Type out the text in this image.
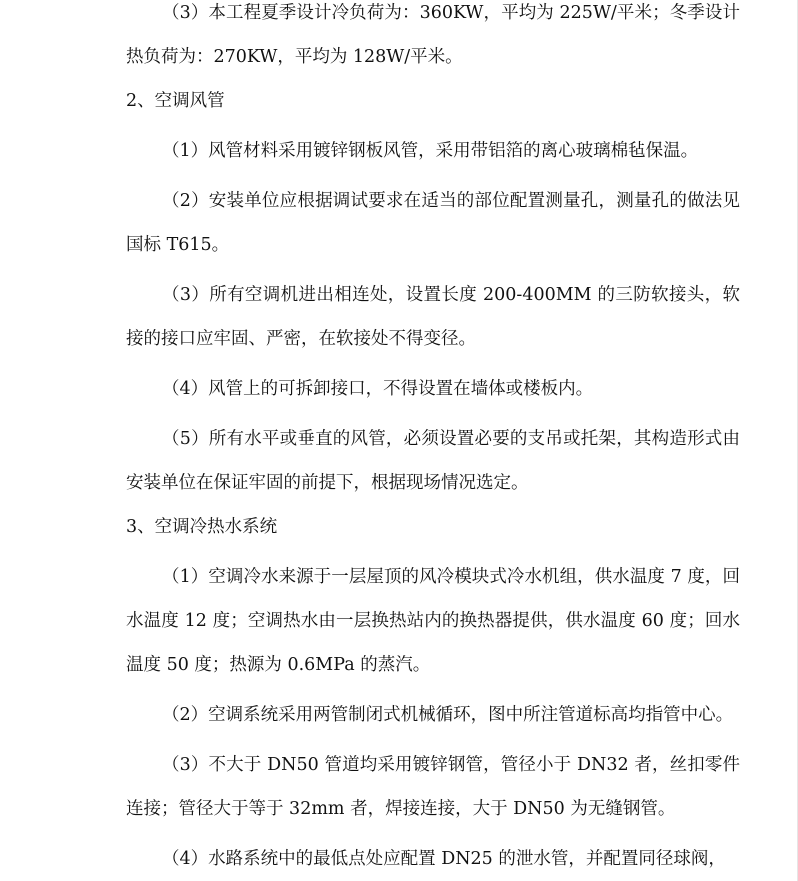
（3）本工程夏季设计冷负荷为：360KW，平均为 225W/平米；冬季设计热负荷为：270KW，平均为 128W/平米。

2、空调风管

（1）风管材料采用镀锌钢板风管，采用带铝箔的离心玻璃棉毡保温。

（2）安装单位应根据调试要求在适当的部位配置测量孔，测量孔的做法见国标 T615。

（3）所有空调机进出相连处，设置长度 200-400MM 的三防软接头，软接的接口应牢固、严密，在软接处不得变径。

（4）风管上的可拆卸接口，不得设置在墙体或楼板内。

（5）所有水平或垂直的风管，必须设置必要的支吊或托架，其构造形式由安装单位在保证牢固的前提下，根据现场情况选定。

3、空调冷热水系统

（1）空调冷水来源于一层屋顶的风冷模块式冷水机组，供水温度 7 度，回水温度 12 度；空调热水由一层换热站内的换热器提供，供水温度 60 度；回水温度 50 度；热源为 0.6MPa 的蒸汽。

（2）空调系统采用两管制闭式机械循环，图中所注管道标高均指管中心。

（3）不大于 DN50 管道均采用镀锌钢管，管径小于 DN32 者，丝扣零件连接；管径大于等于 32mm 者，焊接连接，大于 DN50 为无缝钢管。

（4）水路系统中的最低点处应配置 DN25 的泄水管，并配置同径球阀，
